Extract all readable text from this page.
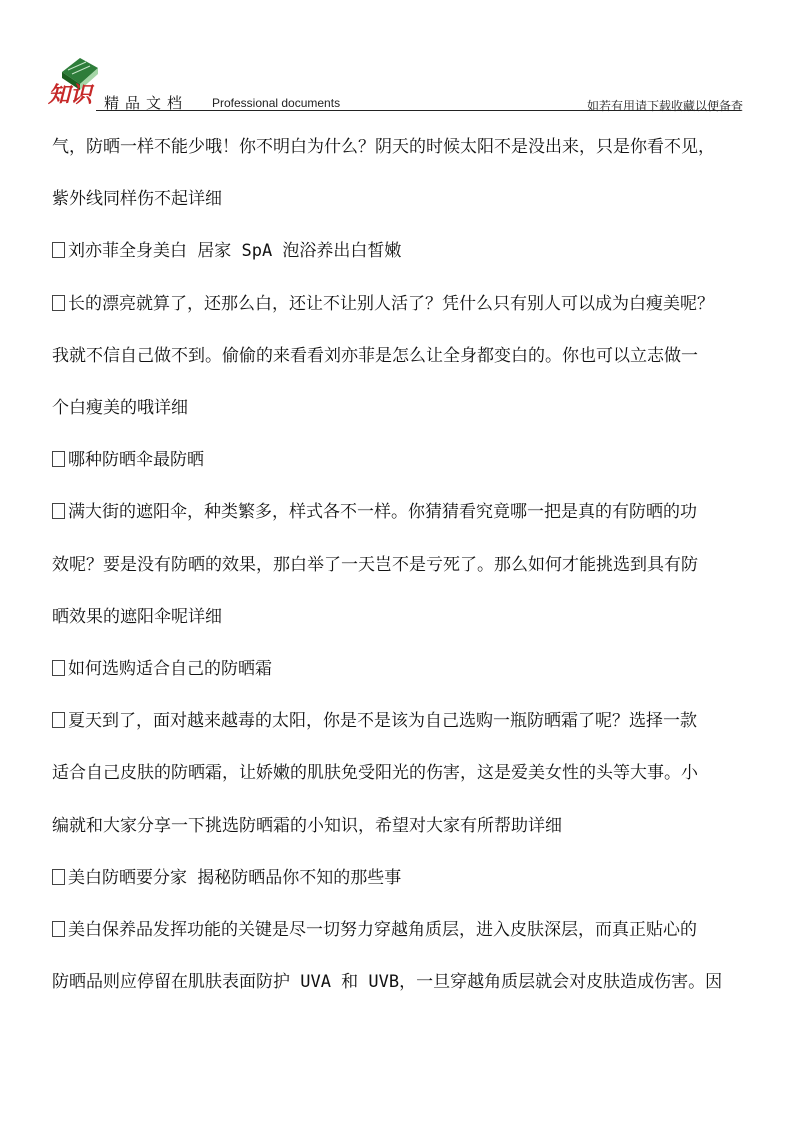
知识 精品文档 Professional documents	如若有用请下载收藏以便备查
气，防晒一样不能少哦！你不明白为什么？阴天的时候太阳不是没出来，只是你看不见，
紫外线同样伤不起详细
刘亦菲全身美白 居家 SpA 泡浴养出白皙嫩
长的漂亮就算了，还那么白，还让不让别人活了？凭什么只有别人可以成为白瘦美呢？
我就不信自己做不到。偷偷的来看看刘亦菲是怎么让全身都变白的。你也可以立志做一
个白瘦美的哦详细
哪种防晒伞最防晒
满大街的遮阳伞，种类繁多，样式各不一样。你猜猜看究竟哪一把是真的有防晒的功
效呢？要是没有防晒的效果，那白举了一天岂不是亏死了。那么如何才能挑选到具有防
晒效果的遮阳伞呢详细
如何选购适合自己的防晒霜
夏天到了，面对越来越毒的太阳，你是不是该为自己选购一瓶防晒霜了呢？选择一款
适合自己皮肤的防晒霜，让娇嫩的肌肤免受阳光的伤害，这是爱美女性的头等大事。小
编就和大家分享一下挑选防晒霜的小知识，希望对大家有所帮助详细
美白防晒要分家 揭秘防晒品你不知的那些事
美白保养品发挥功能的关键是尽一切努力穿越角质层，进入皮肤深层，而真正贴心的
防晒品则应停留在肌肤表面防护 UVA 和 UVB，一旦穿越角质层就会对皮肤造成伤害。因
